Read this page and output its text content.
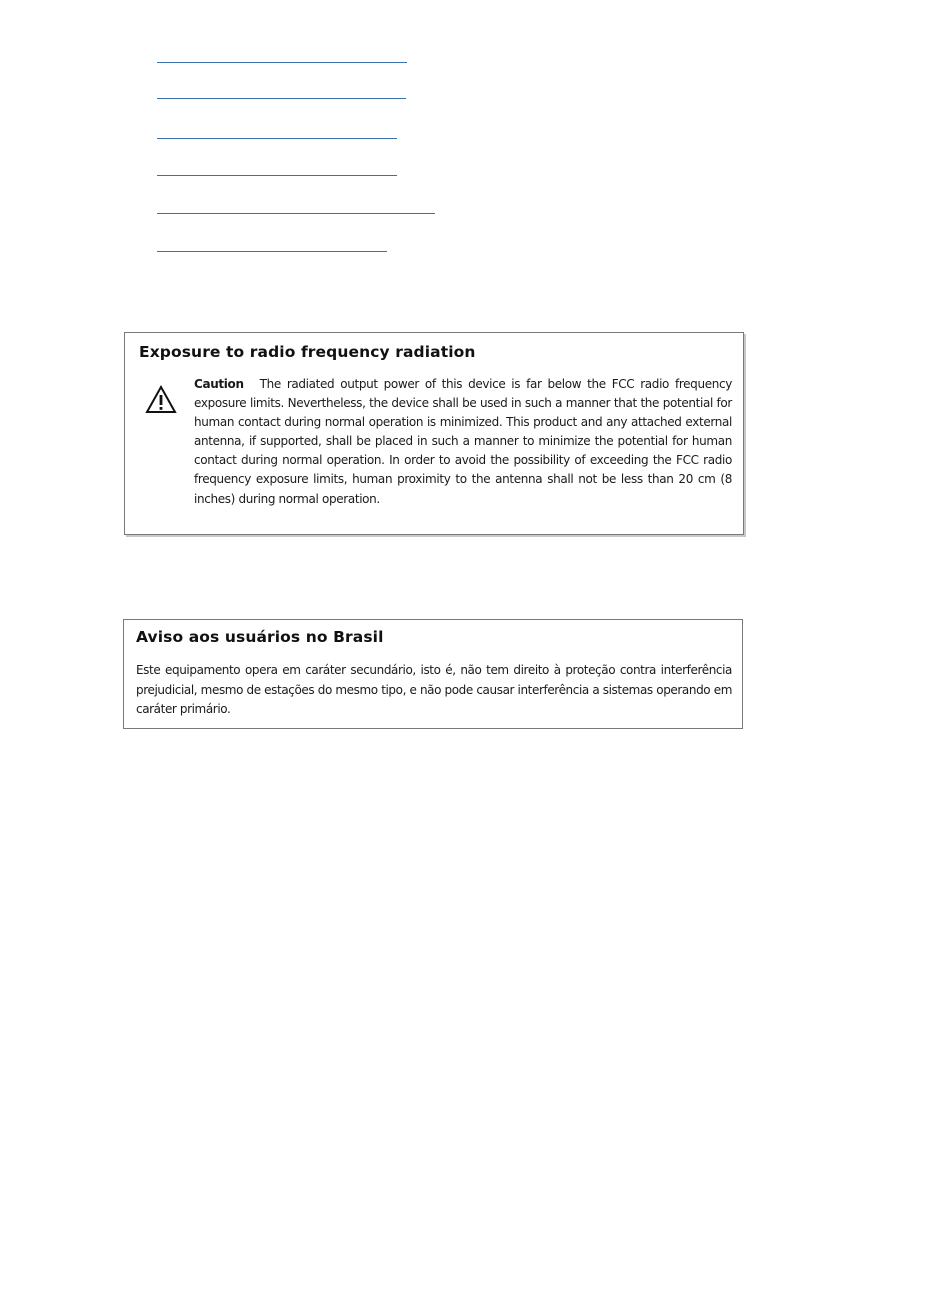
Exposure to radio frequency radiation
Caution The radiated output power of this device is far below the FCC radio frequency exposure limits. Nevertheless, the device shall be used in such a manner that the potential for human contact during normal operation is minimized. This product and any attached external antenna, if supported, shall be placed in such a manner to minimize the potential for human contact during normal operation. In order to avoid the possibility of exceeding the FCC radio frequency exposure limits, human proximity to the antenna shall not be less than 20 cm (8 inches) during normal operation.
Aviso aos usuários no Brasil
Este equipamento opera em caráter secundário, isto é, não tem direito à proteção contra interferência prejudicial, mesmo de estações do mesmo tipo, e não pode causar interferência a sistemas operando em caráter primário.
